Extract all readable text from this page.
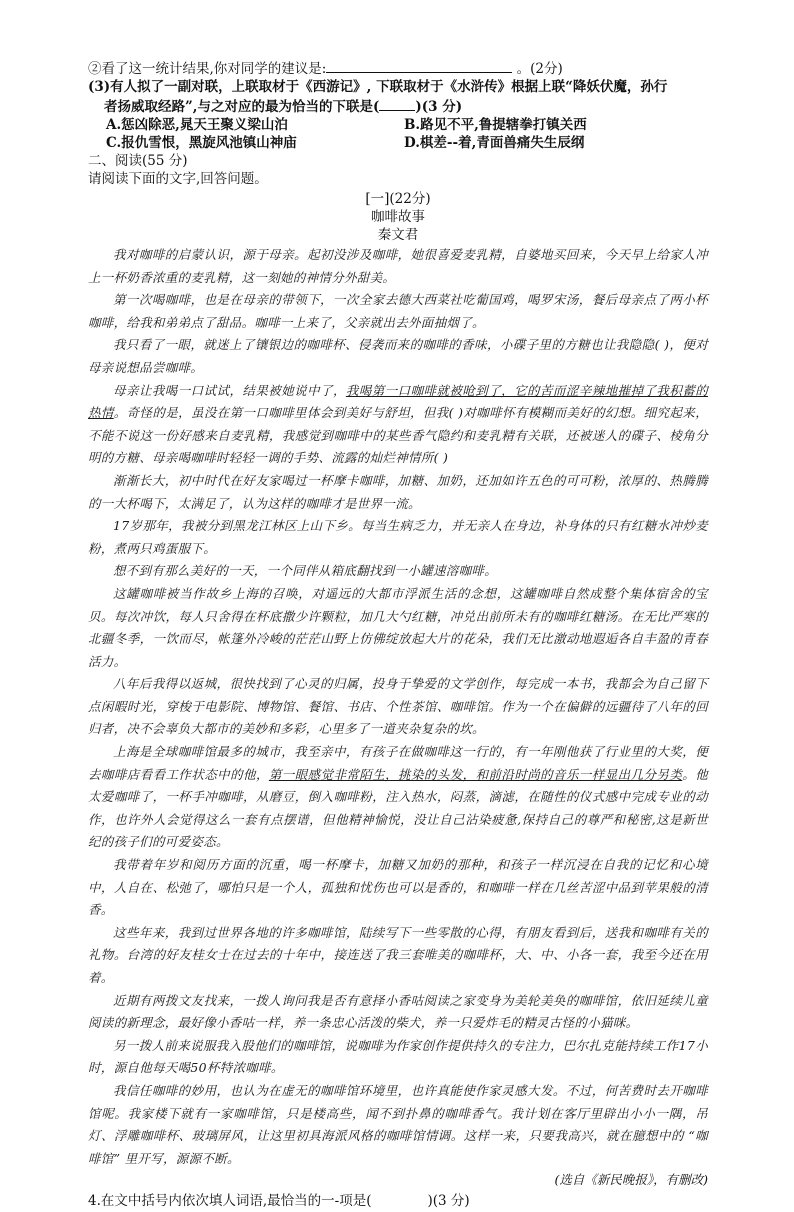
②看了这一统计结果,你对同学的建议是:	。(2分)
(3)有人拟了一副对联，上联取材于《西游记》, 下联取材于《水浒传》根据上联“降妖伏魔，孙行
者扬威取经路”,与之对应的最为恰当的下联是(	)(3 分)
A.惩凶除恶,晁天王聚义梁山泊	B.路见不平,鲁提辖拳打镇关西
C.报仇雪恨，黑旋风池镇山神庙	D.棋差--着,青面兽痛失生辰纲
二、阅读(55 分)
请阅读下面的文字,回答问题。
[一](22分)
咖啡故事
秦文君

我对咖啡的启蒙认识，源于母亲。起初没涉及咖啡，她很喜爱麦乳精，自婆地买回来，今天早上给家人冲上一杯奶香浓重的麦乳精，这一刻她的神情分外甜美。

第一次喝咖啡，也是在母亲的带领下，一次全家去德大西菜社吃葡国鸡，喝罗宋汤，餐后母亲点了两小杯咖啡，给我和弟弟点了甜品。咖啡一上来了，父亲就出去外面抽烟了。

我只看了一眼，就迷上了镶银边的咖啡杯、侵袭而来的咖啡的香味，小碟子里的方糖也让我隐隐( )，便对母亲说想品尝咖啡。

母亲让我喝一口试试，结果被她说中了，我喝第一口咖啡就被呛到了，它的苦而涩辛辣地摧掉了我积蓄的热情。奇怪的是，虽没在第一口咖啡里体会到美好与舒坦，但我( )对咖啡怀有模糊而美好的幻想。细究起来，不能不说这一份好感来自麦乳精，我感觉到咖啡中的某些香气隐约和麦乳精有关联，还被迷人的碟子、棱角分明的方糖、母亲喝咖啡时轻轻一调的手势、流露的灿烂神情所( )

渐渐长大，初中时代在好友家喝过一杯摩卡咖啡，加糖、加奶，还加如许五色的可可粉，浓厚的、热腾腾的一大杯喝下，太满足了，认为这样的咖啡才是世界一流。

17岁那年，我被分到黑龙江林区上山下乡。每当生病乏力，并无亲人在身边，补身体的只有红糖水冲炒麦粉，煮两只鸡蛋服下。

想不到有那么美好的一天，一个同伴从箱底翻找到一小罐速溶咖啡。

这罐咖啡被当作故乡上海的召唤，对遥远的大都市浮派生活的念想，这罐咖啡自然成整个集体宿舍的宝贝。每次冲饮，每人只舍得在杯底撒少许颗粒，加几大勺红糖，冲兑出前所未有的咖啡红糖汤。在无比严寒的北疆冬季，一饮而尽，帐篷外冷峻的茫茫山野上仿佛绽放起大片的花朵，我们无比激动地遐逅各自丰盈的青春活力。

八年后我得以返城，很快找到了心灵的归属，投身于挚爱的文学创作，每完成一本书，我都会为自己留下点闲暇时光，穿梭于电影院、博物馆、餐馆、书店、个性茶馆、咖啡馆。作为一个在偏僻的远疆待了八年的回归者，决不会辜负大都市的美妙和多彩，心里多了一道夹杂复杂的坎。

上海是全球咖啡馆最多的城市，我至亲中，有孩子在做咖啡这一行的，有一年刚他获了行业里的大奖，便去咖啡店看看工作状态中的他，第一眼感觉非常陌生，挑染的头发，和前沿时尚的音乐一样显出几分另类。他太爱咖啡了，一杯手冲咖啡，从磨豆，倒入咖啡粉，注入热水，闷蒸，滴滤，在随性的仪式感中完成专业的动作，也许外人会觉得这么一套有点摆谱，但他精神愉悦，没让自己沾染疲惫,保持自己的尊严和秘密,这是新世纪的孩子们的可爱姿态。

我带着年岁和阅历方面的沉重，喝一杯摩卡，加糖又加奶的那种，和孩子一样沉浸在自我的记忆和心境中，人自在、松弛了，哪怕只是一个人，孤独和忧伤也可以是香的，和咖啡一样在几丝苦涩中品到苹果般的清香。

这些年来，我到过世界各地的许多咖啡馆，陆续写下一些零散的心得，有朋友看到后，送我和咖啡有关的礼物。台湾的好友桂女士在过去的十年中，接连送了我三套唯美的咖啡杯，大、中、小各一套，我至今还在用着。

近期有两拨文友找来，一拨人询问我是否有意择小香咕阅读之家变身为美轮美奂的咖啡馆，依旧延续儿童阅读的新理念，最好像小香咕一样，养一条忠心活泼的柴犬，养一只爱炸毛的精灵古怪的小猫咪。

另一拨人前来说服我入股他们的咖啡馆，说咖啡为作家创作提供持久的专注力，巴尔扎克能持续工作17小时，源自他每天喝50杯特浓咖啡。

我信任咖啡的妙用，也认为在虚无的咖啡馆环境里，也许真能使作家灵感大发。不过，何苦费时去开咖啡馆呢。我家楼下就有一家咖啡馆，只是楼高些，闻不到扑鼻的咖啡香气。我计划在客厅里辟出小小一隅，吊灯、浮雕咖啡杯、玻璃屏风，让这里初具海派风格的咖啡馆情调。这样一来，只要我高兴，就在臆想中的 “咖啡馆” 里开写，源源不断。

(选自《新民晚报》，有删改)
4.在文中括号内依次填人词语,最恰当的一-项是(	)(3 分)
